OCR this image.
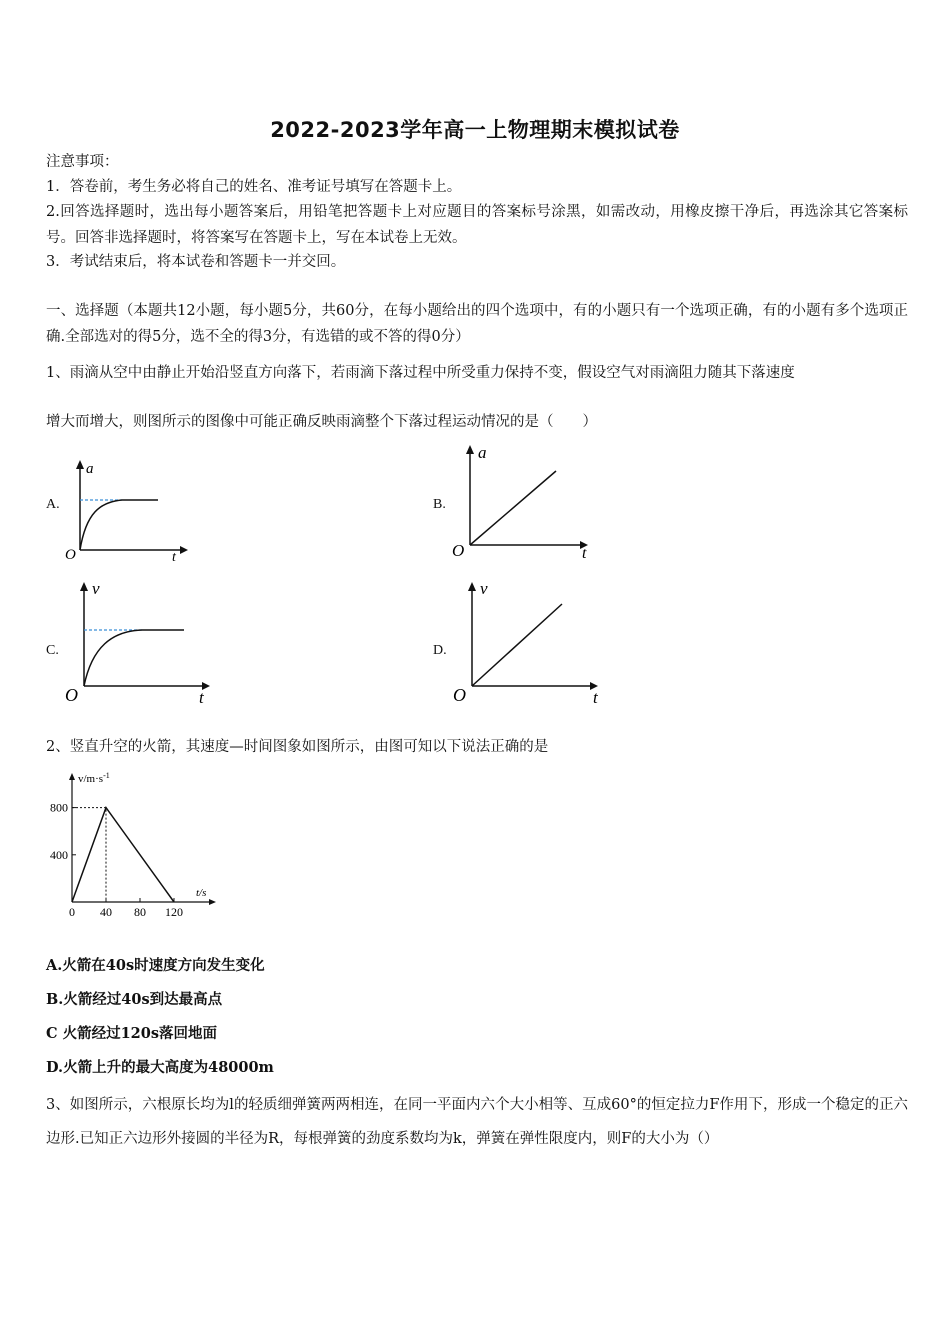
2022-2023学年高一上物理期末模拟试卷
注意事项：
1．答卷前，考生务必将自己的姓名、准考证号填写在答题卡上。
2.回答选择题时，选出每小题答案后，用铅笔把答题卡上对应题目的答案标号涂黑，如需改动，用橡皮擦干净后，再选涂其它答案标号。回答非选择题时，将答案写在答题卡上，写在本试卷上无效。
3．考试结束后，将本试卷和答题卡一并交回。
一、选择题（本题共12小题，每小题5分，共60分，在每小题给出的四个选项中，有的小题只有一个选项正确，有的小题有多个选项正确.全部选对的得5分，选不全的得3分，有选错的或不答的得0分）
1、雨滴从空中由静止开始沿竖直方向落下，若雨滴下落过程中所受重力保持不变，假设空气对雨滴阻力随其下落速度
增大而增大，则图所示的图像中可能正确反映雨滴整个下落过程运动情况的是（　　）
A.
a
t
O
B.
a
t
O
C.
v
t
O
D.
v
t
O
2、竖直升空的火箭，其速度—时间图象如图所示，由图可知以下说法正确的是
$v/m\cdot s^{-1}$
t/s
400
800
0 40 80 120
A.火箭在40s时速度方向发生变化
B.火箭经过40s到达最高点
C 火箭经过120s落回地面
D.火箭上升的最大高度为48000m
3、如图所示，六根原长均为l的轻质细弹簧两两相连，在同一平面内六个大小相等、互成60°的恒定拉力F作用下，形成一个稳定的正六边形.已知正六边形外接圆的半径为R，每根弹簧的劲度系数均为k，弹簧在弹性限度内，则F的大小为（）
